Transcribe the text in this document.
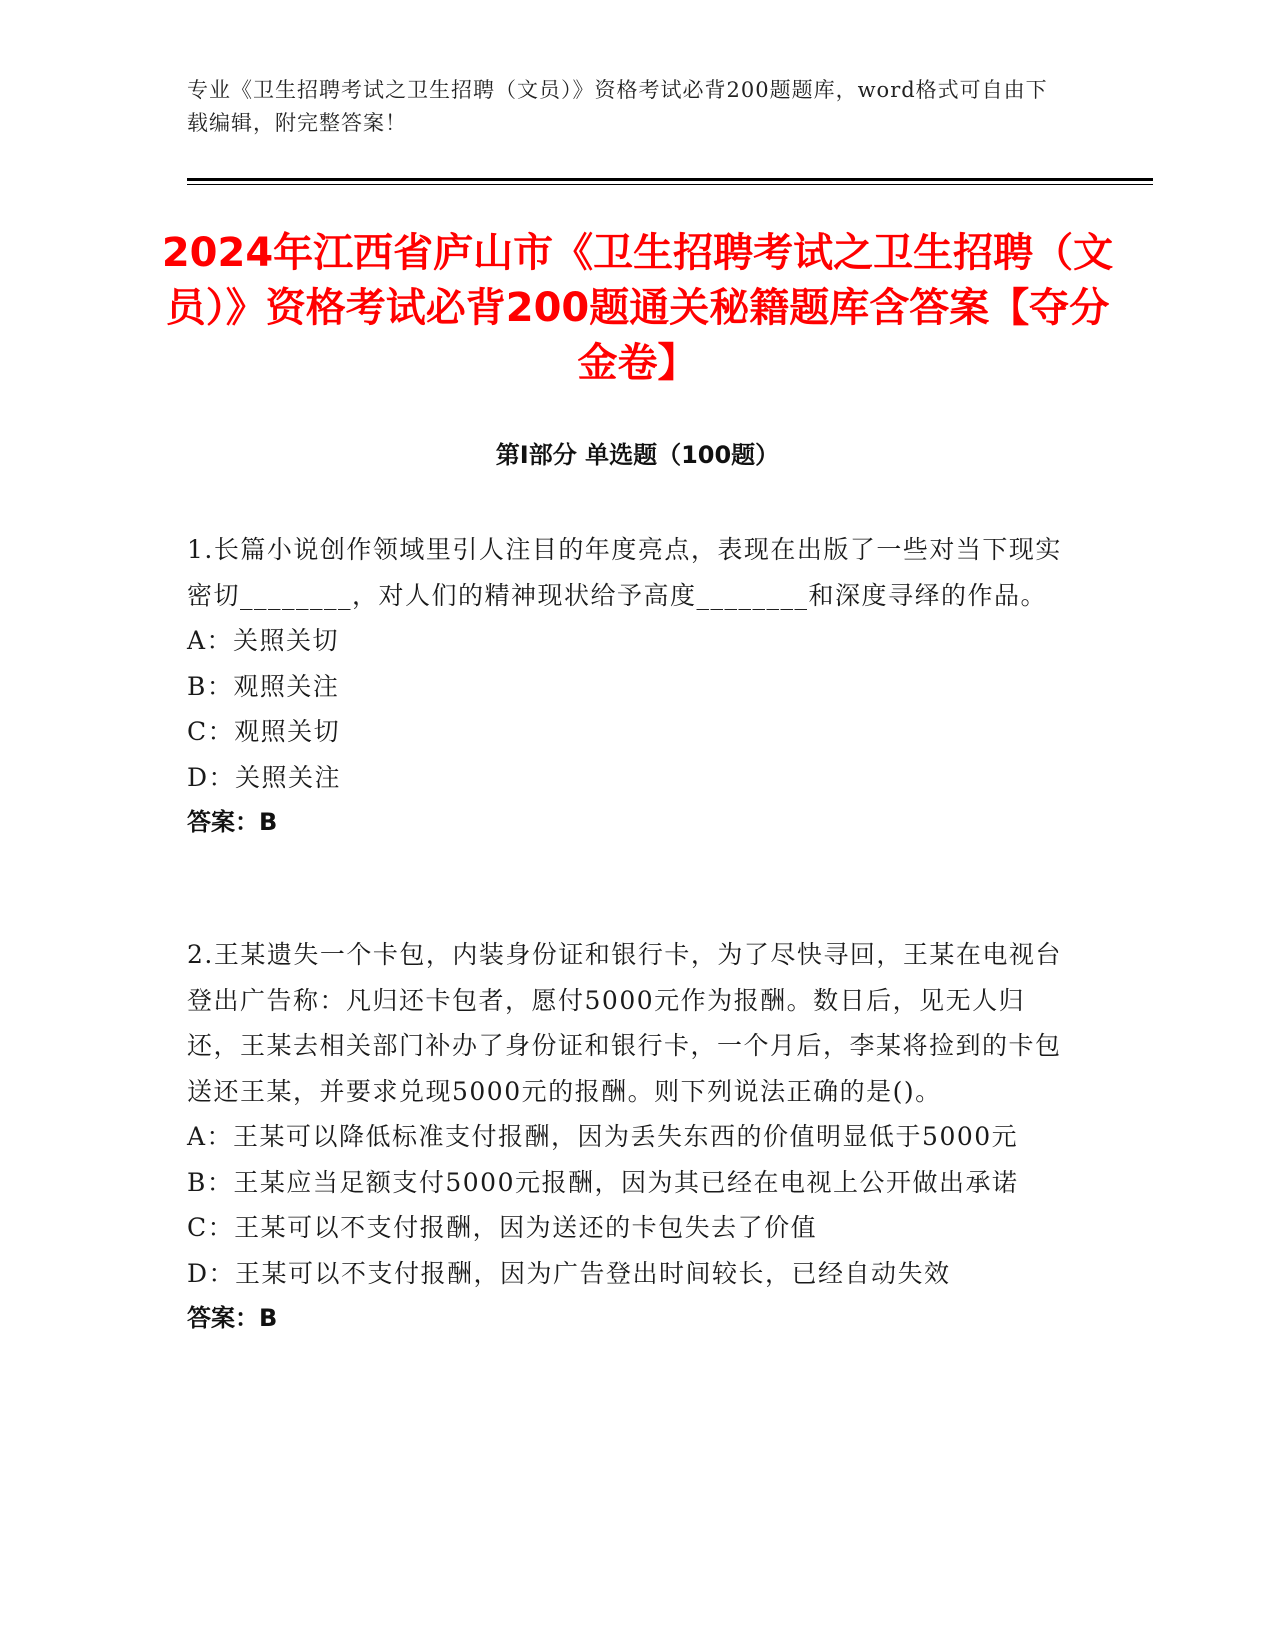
专业《卫生招聘考试之卫生招聘（文员）》资格考试必背200题题库，word格式可自由下载编辑，附完整答案！
2024年江西省庐山市《卫生招聘考试之卫生招聘（文员）》资格考试必背200题通关秘籍题库含答案【夺分金卷】
第Ⅰ部分 单选题（100题）
1.长篇小说创作领域里引人注目的年度亮点，表现在出版了一些对当下现实密切________，对人们的精神现状给予高度________和深度寻绎的作品。
A：关照关切
B：观照关注
C：观照关切
D：关照关注
答案：B
2.王某遗失一个卡包，内装身份证和银行卡，为了尽快寻回，王某在电视台登出广告称：凡归还卡包者，愿付5000元作为报酬。数日后，见无人归还，王某去相关部门补办了身份证和银行卡，一个月后，李某将捡到的卡包送还王某，并要求兑现5000元的报酬。则下列说法正确的是()。
A：王某可以降低标准支付报酬，因为丢失东西的价值明显低于5000元
B：王某应当足额支付5000元报酬，因为其已经在电视上公开做出承诺
C：王某可以不支付报酬，因为送还的卡包失去了价值
D：王某可以不支付报酬，因为广告登出时间较长，已经自动失效
答案：B
